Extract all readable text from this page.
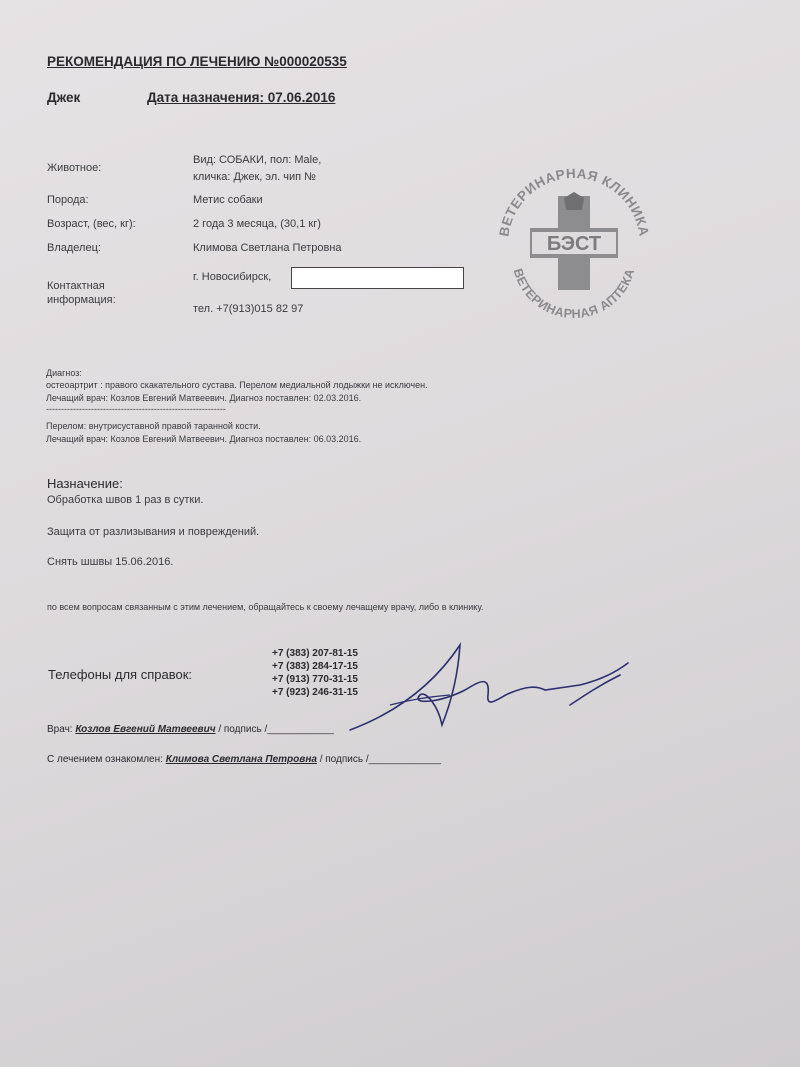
РЕКОМЕНДАЦИЯ ПО ЛЕЧЕНИЮ №000020535
Джек	Дата назначения: 07.06.2016
Животное:
Вид: СОБАКИ, пол: Male,
кличка: Джек, эл. чип №
Порода:	Метис собаки
Возраст, (вес, кг):	2 года 3 месяца, (30,1 кг)
Владелец:	Климова Светлана Петровна
Контактная
информация:
г. Новосибирск,
тел. +7(913)015 82 97
ВЕТЕРИНАРНАЯ КЛИНИКА
ВЕТЕРИНАРНАЯ АПТЕКА
БЭСТ
Диагноз:
остеоартрит : правого скакательного сустава. Перелом медиальной лодыжки не исключен.
Лечащий врач: Козлов Евгений Матвеевич. Диагноз поставлен: 02.03.2016.
------------------------------------------------------------
Перелом: внутрисуставной правой таранной кости.
Лечащий врач: Козлов Евгений Матвеевич. Диагноз поставлен: 06.03.2016.
Назначение:
Обработка швов 1 раз в сутки.
Защита от разлизывания и повреждений.
Снять шшвы 15.06.2016.
по всем вопросам связанным с этим лечением, обращайтесь к своему лечащему врачу, либо в клинику.
Телефоны для справок:
+7 (383) 207-81-15
+7 (383) 284-17-15
+7 (913) 770-31-15
+7 (923) 246-31-15
Врач: Козлов Евгений Матвеевич / подпись /____________
С лечением ознакомлен: Климова Светлана Петровна / подпись /_____________
